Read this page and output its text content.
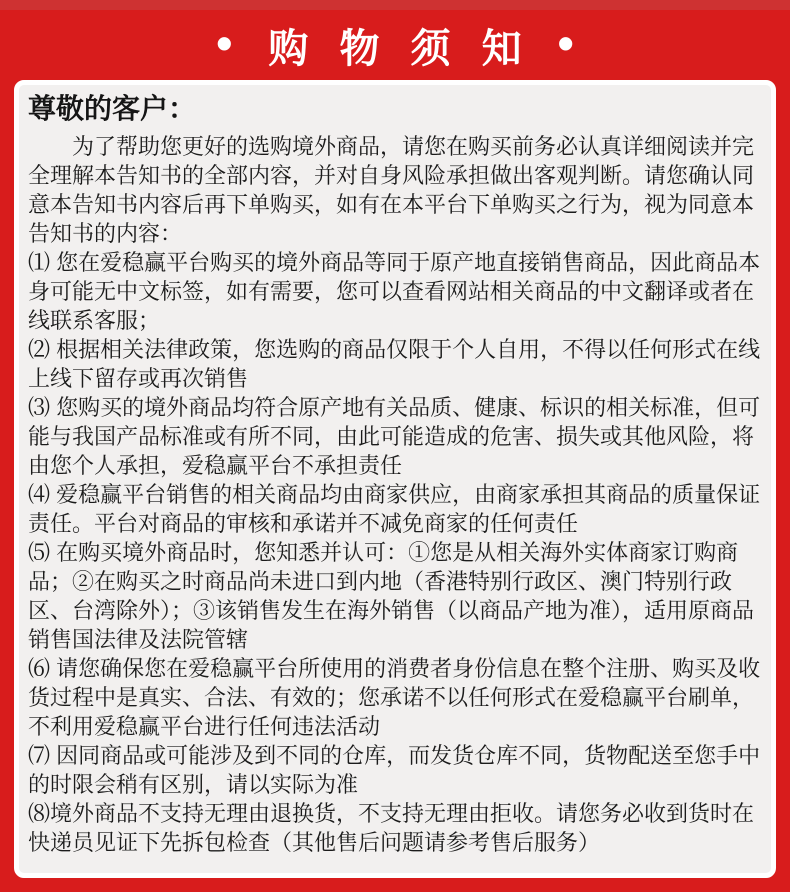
• 购 物 须 知 •
尊敬的客户：

为了帮助您更好的选购境外商品，请您在购买前务必认真详细阅读并完全理解本告知书的全部内容，并对自身风险承担做出客观判断。请您确认同意本告知书内容后再下单购买，如有在本平台下单购买之行为，视为同意本告知书的内容：

⑴ 您在爱稳赢平台购买的境外商品等同于原产地直接销售商品，因此商品本身可能无中文标签，如有需要，您可以查看网站相关商品的中文翻译或者在线联系客服；

⑵ 根据相关法律政策，您选购的商品仅限于个人自用，不得以任何形式在线上线下留存或再次销售

⑶ 您购买的境外商品均符合原产地有关品质、健康、标识的相关标准，但可能与我国产品标准或有所不同，由此可能造成的危害、损失或其他风险，将由您个人承担，爱稳赢平台不承担责任

⑷ 爱稳赢平台销售的相关商品均由商家供应，由商家承担其商品的质量保证责任。平台对商品的审核和承诺并不减免商家的任何责任

⑸ 在购买境外商品时，您知悉并认可：①您是从相关海外实体商家订购商品；②在购买之时商品尚未进口到内地（香港特别行政区、澳门特别行政区、台湾除外）；③该销售发生在海外销售（以商品产地为准），适用原商品销售国法律及法院管辖

⑹ 请您确保您在爱稳赢平台所使用的消费者身份信息在整个注册、购买及收货过程中是真实、合法、有效的；您承诺不以任何形式在爱稳赢平台刷单，不利用爱稳赢平台进行任何违法活动

⑺ 因同商品或可能涉及到不同的仓库，而发货仓库不同，货物配送至您手中的时限会稍有区别，请以实际为准

⑻境外商品不支持无理由退换货，不支持无理由拒收。请您务必收到货时在快递员见证下先拆包检查（其他售后问题请参考售后服务）
